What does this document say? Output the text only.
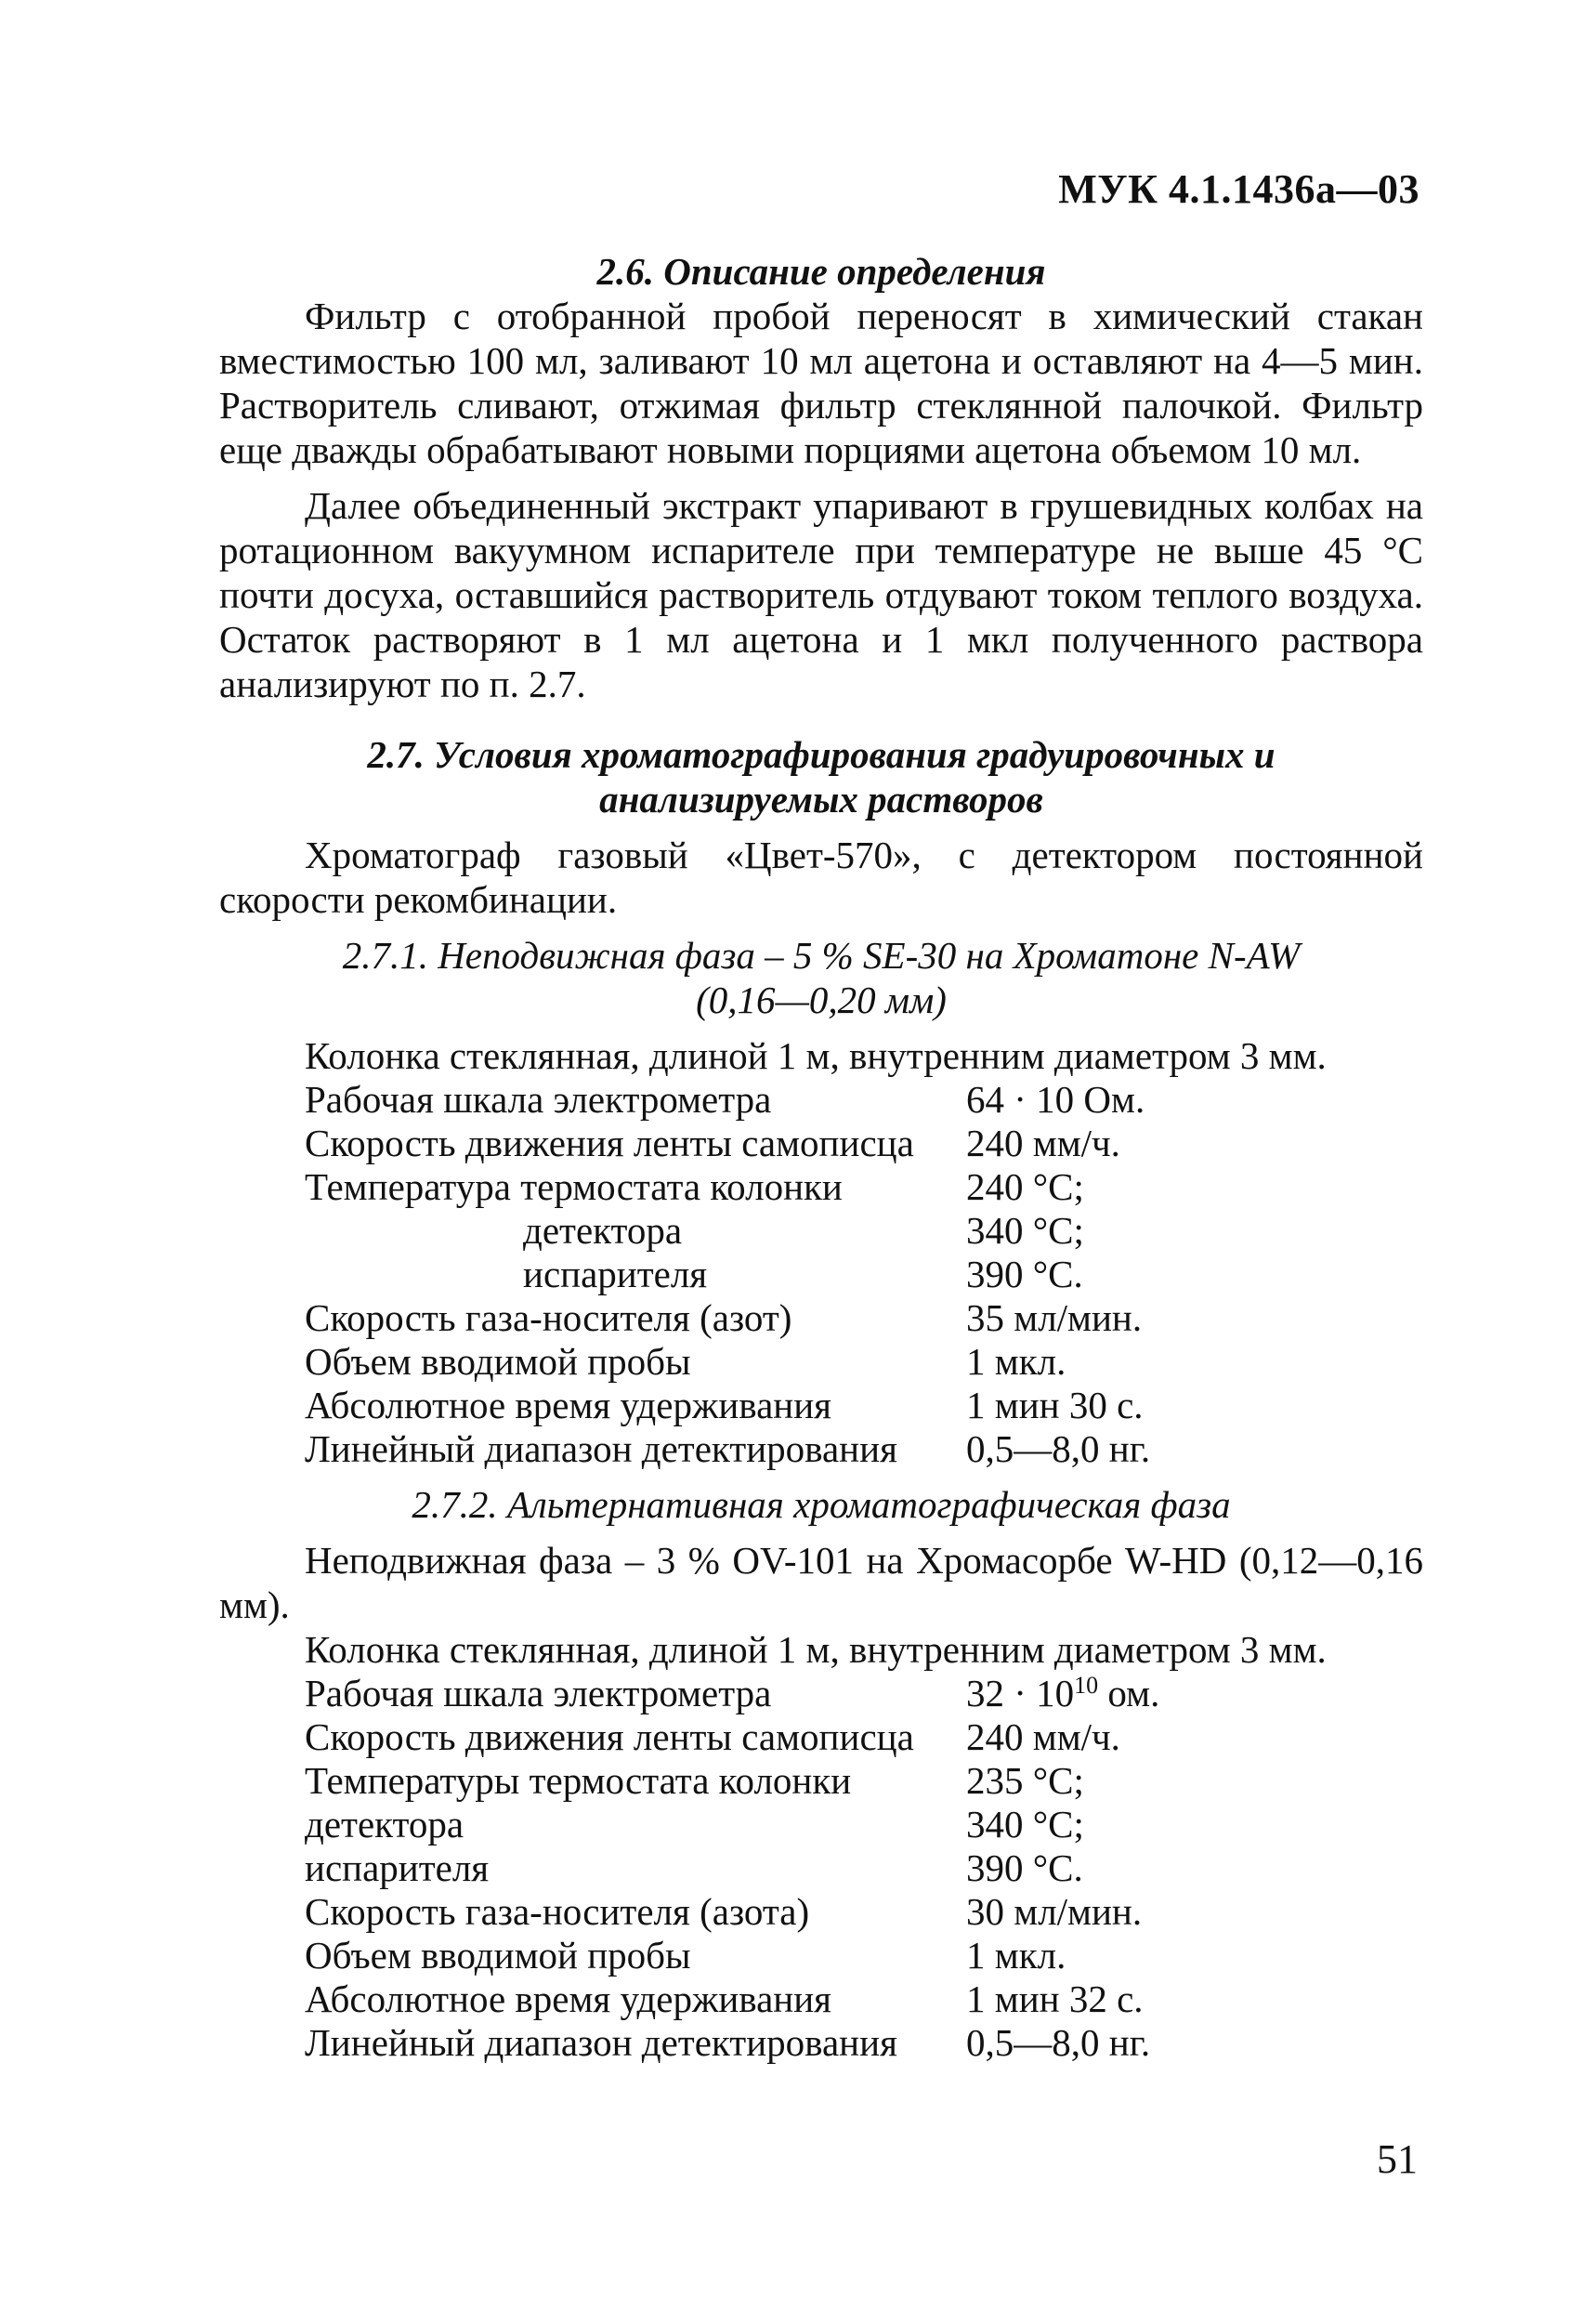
МУК 4.1.1436а—03
2.6. Описание определения

Фильтр с отобранной пробой переносят в химический стакан вместимостью 100 мл, заливают 10 мл ацетона и оставляют на 4—5 мин. Растворитель сливают, отжимая фильтр стеклянной палочкой. Фильтр еще дважды обрабатывают новыми порциями ацетона объемом 10 мл.

Далее объединенный экстракт упаривают в грушевидных колбах на ротационном вакуумном испарителе при температуре не выше 45 °С почти досуха, оставшийся растворитель отдувают током теплого воздуха. Остаток растворяют в 1 мл ацетона и 1 мкл полученного раствора анализируют по п. 2.7.

2.7. Условия хроматографирования градуировочных и
анализируемых растворов

Хроматограф газовый «Цвет-570», с детектором постоянной скорости рекомбинации.

2.7.1. Неподвижная фаза – 5 % SE-30 на Хроматоне N-AW
(0,16—0,20 мм)
Колонка стеклянная, длиной 1 м, внутренним диаметром 3 мм.
Рабочая шкала электрометра	64 · 10 Ом.
Скорость движения ленты самописца	240 мм/ч.
Температура термостата колонки	240 °С;
детектора	340 °С;
испарителя	390 °С.
Скорость газа-носителя (азот)	35 мл/мин.
Объем вводимой пробы	1 мкл.
Абсолютное время удерживания	1 мин 30 с.
Линейный диапазон детектирования	0,5—8,0 нг.
2.7.2. Альтернативная хроматографическая фаза

Неподвижная фаза – 3 % OV-101 на Хромасорбе W-HD (0,12—0,16 мм).

Колонка стеклянная, длиной 1 м, внутренним диаметром 3 мм.
Рабочая шкала электрометра	$32 \cdot 10^{10}$ ом.
Скорость движения ленты самописца	240 мм/ч.
Температуры термостата колонки	235 °С;
детектора	340 °С;
испарителя	390 °С.
Скорость газа-носителя (азота)	30 мл/мин.
Объем вводимой пробы	1 мкл.
Абсолютное время удерживания	1 мин 32 с.
Линейный диапазон детектирования	0,5—8,0 нг.
51
